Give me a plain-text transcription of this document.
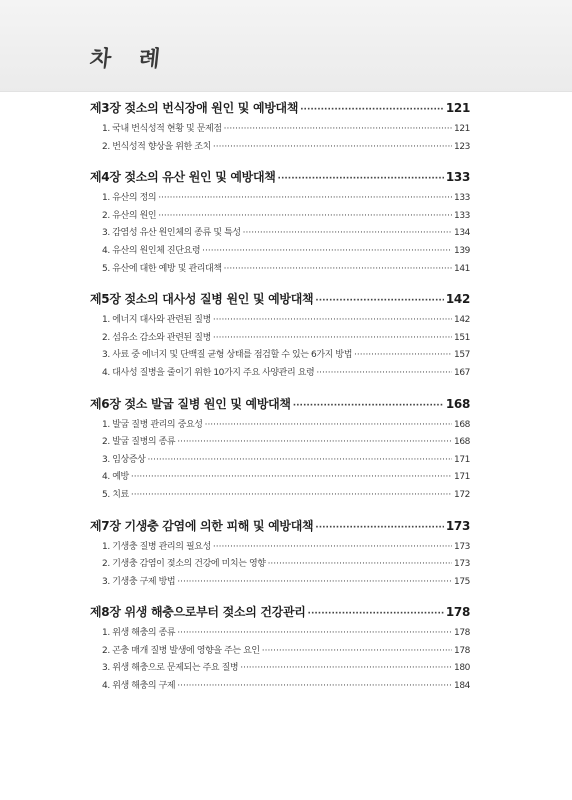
차 례
제3장 젖소의 번식장애 원인 및 예방대책 ·····	121
1. 국내 번식성적 현황 및 문제점 ·····	121
2. 번식성적 향상을 위한 조치 ·····	123
제4장 젖소의 유산 원인 및 예방대책 ·····	133
1. 유산의 정의 ·····	133
2. 유산의 원인 ·····	133
3. 감염성 유산 원인체의 종류 및 특성 ·····	134
4. 유산의 원인체 진단요령 ·····	139
5. 유산에 대한 예방 및 관리대책 ·····	141
제5장 젖소의 대사성 질병 원인 및 예방대책 ·····	142
1. 에너지 대사와 관련된 질병 ·····	142
2. 섬유소 감소와 관련된 질병 ·····	151
3. 사료 중 에너지 및 단백질 균형 상태를 점검할 수 있는 6가지 방법 ·····	157
4. 대사성 질병을 줄이기 위한 10가지 주요 사양관리 요령 ·····	167
제6장 젖소 발굽 질병 원인 및 예방대책 ·····	168
1. 발굽 질병 관리의 중요성 ·····	168
2. 발굽 질병의 종류 ·····	168
3. 임상증상 ·····	171
4. 예방 ·····	171
5. 치료 ·····	172
제7장 기생충 감염에 의한 피해 및 예방대책 ·····	173
1. 기생충 질병 관리의 필요성 ·····	173
2. 기생충 감염이 젖소의 건강에 미치는 영향 ·····	173
3. 기생충 구제 방법 ·····	175
제8장 위생 해충으로부터 젖소의 건강관리 ·····	178
1. 위생 해충의 종류 ·····	178
2. 곤충 매개 질병 발생에 영향을 주는 요인 ·····	178
3. 위생 해충으로 문제되는 주요 질병 ·····	180
4. 위생 해충의 구제 ·····	184
